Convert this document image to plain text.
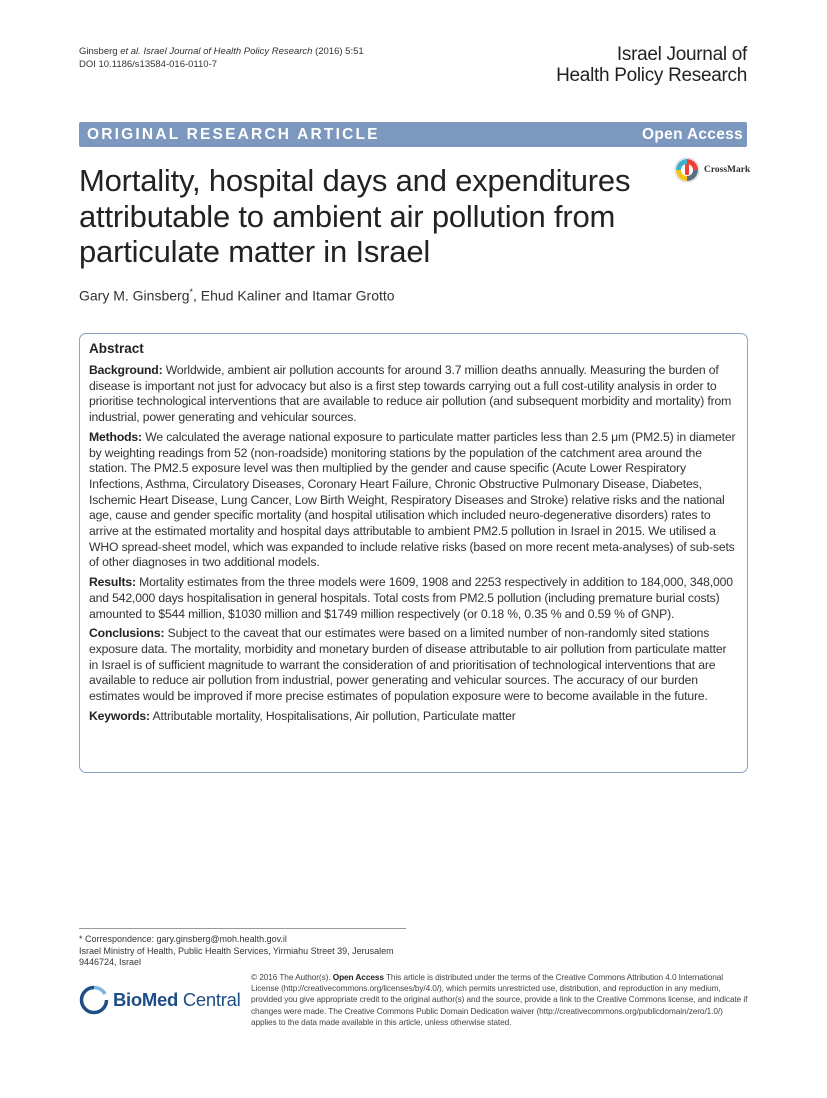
Ginsberg et al. Israel Journal of Health Policy Research (2016) 5:51
DOI 10.1186/s13584-016-0110-7	Israel Journal of
Health Policy Research
ORIGINAL RESEARCH ARTICLE	Open Access
CrossMark
Mortality, hospital days and expenditures attributable to ambient air pollution from particulate matter in Israel
Gary M. Ginsberg*, Ehud Kaliner and Itamar Grotto
Abstract

Background: Worldwide, ambient air pollution accounts for around 3.7 million deaths annually. Measuring the burden of disease is important not just for advocacy but also is a first step towards carrying out a full cost-utility analysis in order to prioritise technological interventions that are available to reduce air pollution (and subsequent morbidity and mortality) from industrial, power generating and vehicular sources.

Methods: We calculated the average national exposure to particulate matter particles less than 2.5 μm (PM2.5) in diameter by weighting readings from 52 (non-roadside) monitoring stations by the population of the catchment area around the station. The PM2.5 exposure level was then multiplied by the gender and cause specific (Acute Lower Respiratory Infections, Asthma, Circulatory Diseases, Coronary Heart Failure, Chronic Obstructive Pulmonary Disease, Diabetes, Ischemic Heart Disease, Lung Cancer, Low Birth Weight, Respiratory Diseases and Stroke) relative risks and the national age, cause and gender specific mortality (and hospital utilisation which included neuro-degenerative disorders) rates to arrive at the estimated mortality and hospital days attributable to ambient PM2.5 pollution in Israel in 2015. We utilised a WHO spread-sheet model, which was expanded to include relative risks (based on more recent meta-analyses) of sub-sets of other diagnoses in two additional models.

Results: Mortality estimates from the three models were 1609, 1908 and 2253 respectively in addition to 184,000, 348,000 and 542,000 days hospitalisation in general hospitals. Total costs from PM2.5 pollution (including premature burial costs) amounted to $544 million, $1030 million and $1749 million respectively (or 0.18 %, 0.35 % and 0.59 % of GNP).

Conclusions: Subject to the caveat that our estimates were based on a limited number of non-randomly sited stations exposure data. The mortality, morbidity and monetary burden of disease attributable to air pollution from particulate matter in Israel is of sufficient magnitude to warrant the consideration of and prioritisation of technological interventions that are available to reduce air pollution from industrial, power generating and vehicular sources. The accuracy of our burden estimates would be improved if more precise estimates of population exposure were to become available in the future.

Keywords: Attributable mortality, Hospitalisations, Air pollution, Particulate matter

* Correspondence: gary.ginsberg@moh.health.gov.il
Israel Ministry of Health, Public Health Services, Yirmiahu Street 39, Jerusalem 9446724, Israel
BioMed Central
© 2016 The Author(s). Open Access This article is distributed under the terms of the Creative Commons Attribution 4.0 International License (http://creativecommons.org/licenses/by/4.0/), which permits unrestricted use, distribution, and reproduction in any medium, provided you give appropriate credit to the original author(s) and the source, provide a link to the Creative Commons license, and indicate if changes were made. The Creative Commons Public Domain Dedication waiver (http://creativecommons.org/publicdomain/zero/1.0/) applies to the data made available in this article, unless otherwise stated.
